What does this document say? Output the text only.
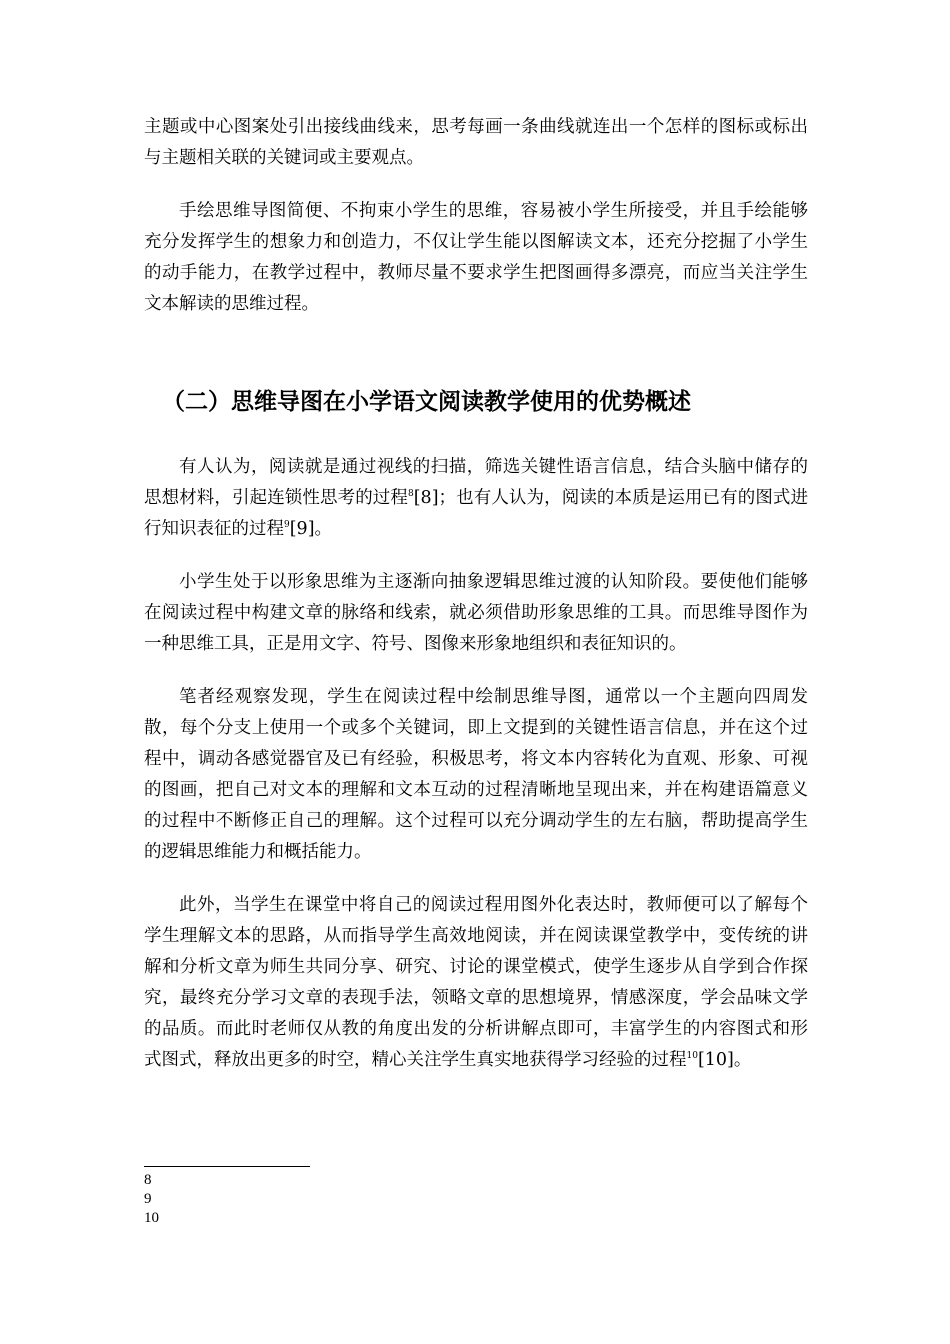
主题或中心图案处引出接线曲线来，思考每画一条曲线就连出一个怎样的图标或标出与主题相关联的关键词或主要观点。

手绘思维导图简便、不拘束小学生的思维，容易被小学生所接受，并且手绘能够充分发挥学生的想象力和创造力，不仅让学生能以图解读文本，还充分挖掘了小学生的动手能力，在教学过程中，教师尽量不要求学生把图画得多漂亮，而应当关注学生文本解读的思维过程。

（二）思维导图在小学语文阅读教学使用的优势概述

有人认为，阅读就是通过视线的扫描，筛选关键性语言信息，结合头脑中储存的思想材料，引起连锁性思考的过程$^8$[8]；也有人认为，阅读的本质是运用已有的图式进行知识表征的过程$^9$[9]。

小学生处于以形象思维为主逐渐向抽象逻辑思维过渡的认知阶段。要使他们能够在阅读过程中构建文章的脉络和线索，就必须借助形象思维的工具。而思维导图作为一种思维工具，正是用文字、符号、图像来形象地组织和表征知识的。

笔者经观察发现，学生在阅读过程中绘制思维导图，通常以一个主题向四周发散，每个分支上使用一个或多个关键词，即上文提到的关键性语言信息，并在这个过程中，调动各感觉器官及已有经验，积极思考，将文本内容转化为直观、形象、可视的图画，把自己对文本的理解和文本互动的过程清晰地呈现出来，并在构建语篇意义的过程中不断修正自己的理解。这个过程可以充分调动学生的左右脑，帮助提高学生的逻辑思维能力和概括能力。

此外，当学生在课堂中将自己的阅读过程用图外化表达时，教师便可以了解每个学生理解文本的思路，从而指导学生高效地阅读，并在阅读课堂教学中，变传统的讲解和分析文章为师生共同分享、研究、讨论的课堂模式，使学生逐步从自学到合作探究，最终充分学习文章的表现手法，领略文章的思想境界，情感深度，学会品味文学的品质。而此时老师仅从教的角度出发的分析讲解点即可，丰富学生的内容图式和形式图式，释放出更多的时空，精心关注学生真实地获得学习经验的过程$^{10}$[10]。

8
9
10
